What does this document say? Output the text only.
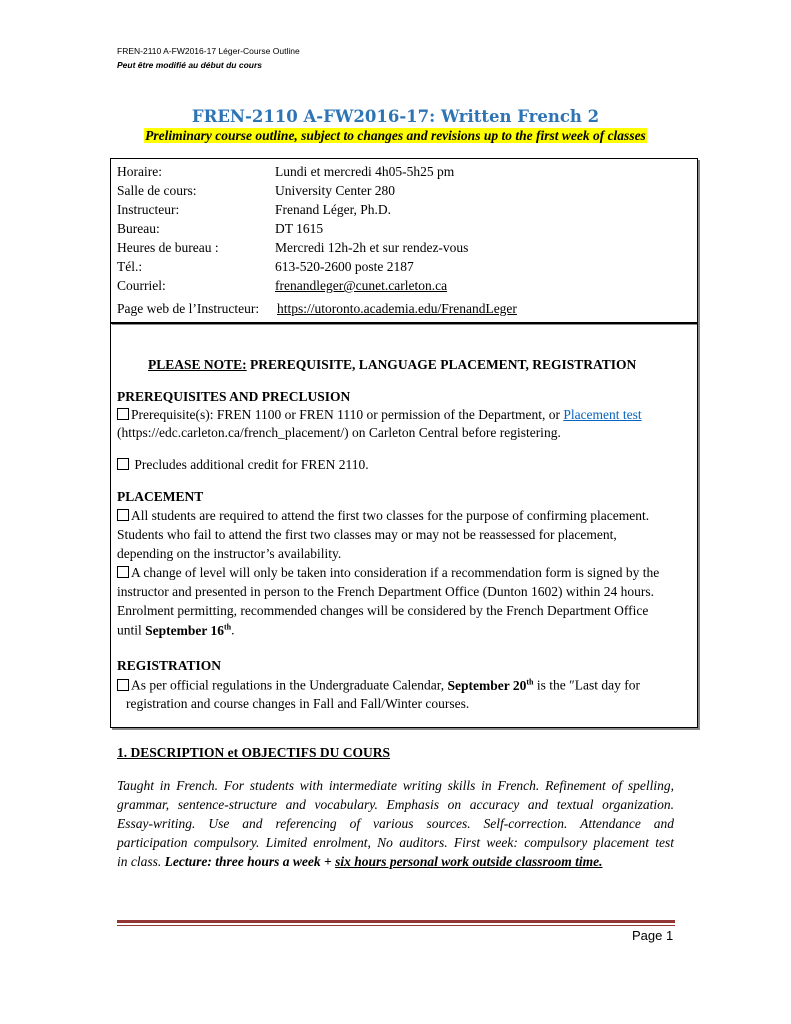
FREN-2110 A-FW2016-17 Léger-Course Outline
Peut être modifié au début du cours
FREN-2110 A-FW2016-17: Written French 2
Preliminary course outline, subject to changes and revisions up to the first week of classes
Horaire:	Lundi et mercredi 4h05-5h25 pm
Salle de cours:	University Center 280
Instructeur:	Frenand Léger, Ph.D.
Bureau:	DT 1615
Heures de bureau :	Mercredi 12h-2h et sur rendez-vous
Tél.:	613-520-2600 poste 2187
Courriel:	frenandleger@cunet.carleton.ca
Page web de l’Instructeur: https://utoronto.academia.edu/FrenandLeger
PLEASE NOTE: PREREQUISITE, LANGUAGE PLACEMENT, REGISTRATION
PREREQUISITES AND PRECLUSION
Prerequisite(s): FREN 1100 or FREN 1110 or permission of the Department, or Placement test
(https://edc.carleton.ca/french_placement/) on Carleton Central before registering.
Precludes additional credit for FREN 2110.
PLACEMENT
All students are required to attend the first two classes for the purpose of confirming placement.
Students who fail to attend the first two classes may or may not be reassessed for placement,
depending on the instructor’s availability.
A change of level will only be taken into consideration if a recommendation form is signed by the
instructor and presented in person to the French Department Office (Dunton 1602) within 24 hours.
Enrolment permitting, recommended changes will be considered by the French Department Office
until September 16th.
REGISTRATION
As per official regulations in the Undergraduate Calendar, September 20th is the ″Last day for
registration and course changes in Fall and Fall/Winter courses.
1. DESCRIPTION et OBJECTIFS DU COURS
Taught in French. For students with intermediate writing skills in French. Refinement of spelling,
grammar, sentence-structure and vocabulary. Emphasis on accuracy and textual organization.
Essay-writing. Use and referencing of various sources. Self-correction. Attendance and
participation compulsory. Limited enrolment, No auditors. First week: compulsory placement test
in class. Lecture: three hours a week + six hours personal work outside classroom time.
Page 1
